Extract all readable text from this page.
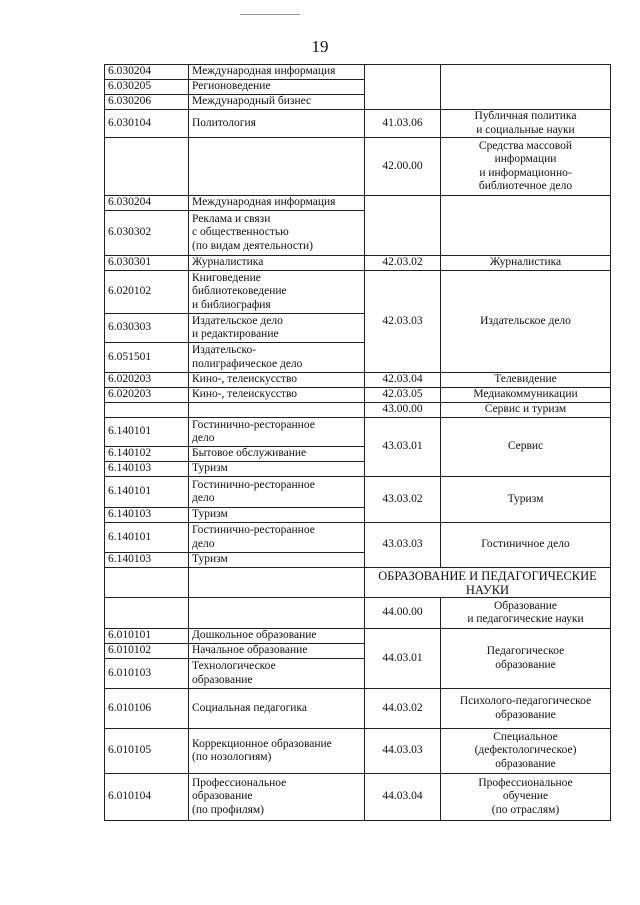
19
6.030204	Международная информация		

6.030205	Регионоведение		

6.030206	Международный бизнес		

6.030104	Политология	41.03.06	Публичная политика
и социальные науки

		42.00.00	Средства массовой
информации
и информационно-
библиотечное дело

6.030204	Международная информация		

6.030302	Реклама и связи
с общественностью
(по видам деятельности)		

6.030301	Журналистика	42.03.02	Журналистика

6.020102	Книговедение
библиотековедение
и библиография	42.03.03	Издательское дело

6.030303	Издательское дело
и редактирование		

6.051501	Издательско-
полиграфическое дело		

6.020203	Кино-, телеискусство	42.03.04	Телевидение

6.020203	Кино-, телеискусство	42.03.05	Медиакоммуникации

		43.00.00	Сервис и туризм

6.140101	Гостинично-ресторанное
дело	43.03.01	Сервис

6.140102	Бытовое обслуживание		

6.140103	Туризм		

6.140101	Гостинично-ресторанное
дело	43.03.02	Туризм

6.140103	Туризм		

6.140101	Гостинично-ресторанное
дело	43.03.03	Гостиничное дело

6.140103	Туризм		

		ОБРАЗОВАНИЕ И ПЕДАГОГИЧЕСКИЕ
НАУКИ	

		44.00.00	Образование
и педагогические науки

6.010101	Дошкольное образование	44.03.01	Педагогическое
образование

6.010102	Начальное образование		

6.010103	Технологическое
образование		

6.010106	Социальная педагогика	44.03.02	Психолого-педагогическое
образование

6.010105	Коррекционное образование
(по нозологиям)	44.03.03	Специальное
(дефектологическое)
образование

6.010104	Профессиональное
образование
(по профилям)	44.03.04	Профессиональное
обучение
(по отраслям)
